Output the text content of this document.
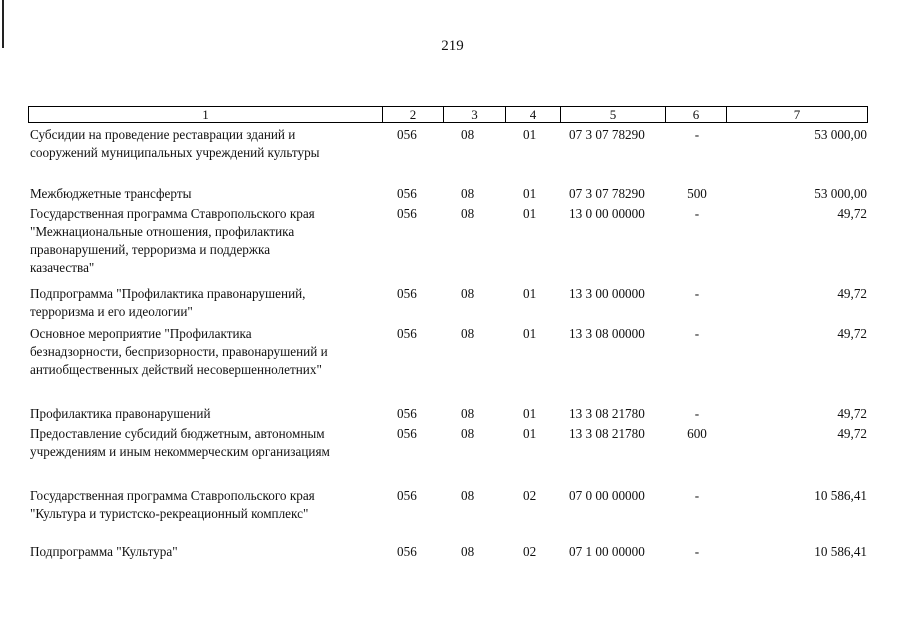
219
1	2	3	4	5	6	7
Субсидии на проведение реставрации зданий и
сооружений муниципальных учреждений культуры
056	08	01 07 3 07 78290	-	53 000,00
Межбюджетные трансферты	056	08	01 07 3 07 78290	500	53 000,00
Государственная программа Ставропольского края
"Межнациональные отношения, профилактика
правонарушений, терроризма и поддержка
казачества"
056	08	01 13 0 00 00000	-	49,72
Подпрограмма "Профилактика правонарушений,
терроризма и его идеологии"
056	08	01 13 3 00 00000	-	49,72
Основное мероприятие "Профилактика
безнадзорности, беспризорности, правонарушений и
антиобщественных действий несовершеннолетних"
056	08	01 13 3 08 00000	-	49,72
Профилактика правонарушений	056	08	01 13 3 08 21780	-	49,72
Предоставление субсидий бюджетным, автономным
учреждениям и иным некоммерческим организациям
056	08	01 13 3 08 21780	600	49,72
Государственная программа Ставропольского края
"Культура и туристско-рекреационный комплекс"
056	08	02 07 0 00 00000	-	10 586,41
Подпрограмма "Культура"	056	08	02 07 1 00 00000	-	10 586,41
